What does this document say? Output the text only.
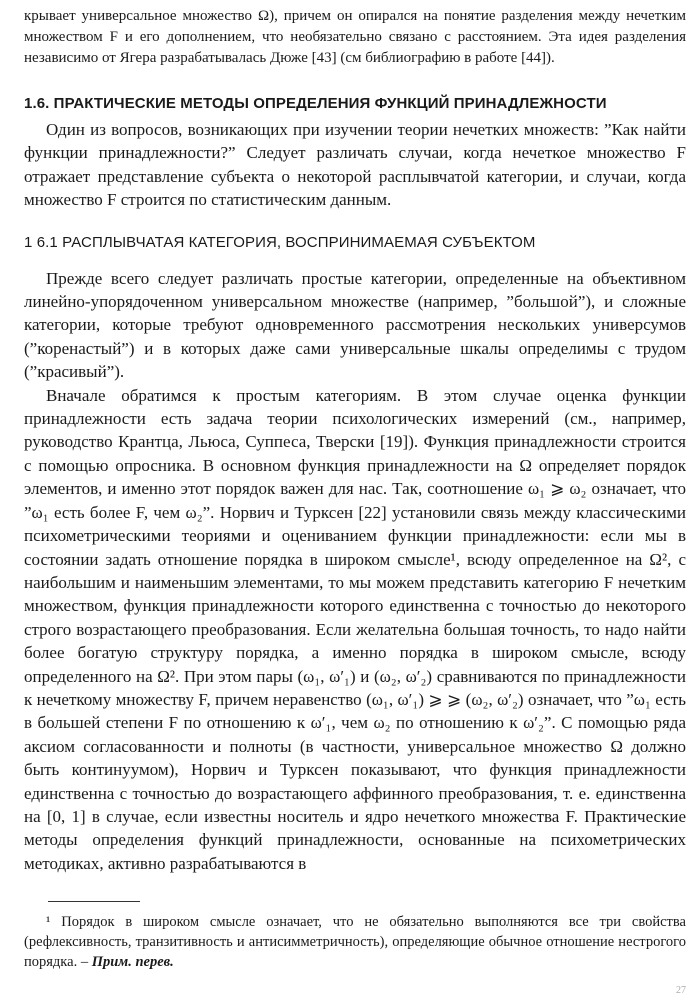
крывает универсальное множество Ω), причем он опирался на понятие разделения между нечетким множеством F и его дополнением, что необязательно связано с расстоянием. Эта идея разделения независимо от Ягера разрабатывалась Дюже [43] (см библиографию в работе [44]).

1.6. ПРАКТИЧЕСКИЕ МЕТОДЫ ОПРЕДЕЛЕНИЯ ФУНКЦИЙ ПРИНАДЛЕЖНОСТИ

Один из вопросов, возникающих при изучении теории нечетких множеств: ”Как найти функции принадлежности?” Следует различать случаи, когда нечеткое множество F отражает представление субъекта о некоторой расплывчатой категории, и случаи, когда множество F строится по статистическим данным.

1 6.1 РАСПЛЫВЧАТАЯ КАТЕГОРИЯ, ВОСПРИНИМАЕМАЯ СУБЪЕКТОМ

Прежде всего следует различать простые категории, определенные на объективном линейно-упорядоченном универсальном множестве (например, ”большой”), и сложные категории, которые требуют одновременного рассмотрения нескольких универсумов (”коренастый”) и в которых даже сами универсальные шкалы определимы с трудом (”красивый”).

Вначале обратимся к простым категориям. В этом случае оценка функции принадлежности есть задача теории психологических измерений (см., например, руководство Крантца, Льюса, Суппеса, Тверски [19]). Функция принадлежности строится с помощью опросника. В основном функция принадлежности на Ω определяет порядок элементов, и именно этот порядок важен для нас. Так, соотношение ω₁ ⩾ ω₂ означает, что ”ω₁ есть более F, чем ω₂”. Норвич и Турксен [22] установили связь между классическими психометрическими теориями и оцениванием функции принадлежности: если мы в состоянии задать отношение порядка в широком смысле¹, всюду определенное на Ω², с наибольшим и наименьшим элементами, то мы можем представить категорию F нечетким множеством, функция принадлежности которого единственна с точностью до некоторого строго возрастающего преобразования. Если желательна большая точность, то надо найти более богатую структуру порядка, а именно порядка в широком смысле, всюду определенного на Ω². При этом пары (ω₁, ω′₁) и (ω₂, ω′₂) сравниваются по принадлежности к нечеткому множеству F, причем неравенство (ω₁, ω′₁) ⩾ ⩾ (ω₂, ω′₂) означает, что ”ω₁ есть в большей степени F по отношению к ω′₁, чем ω₂ по отношению к ω′₂”. С помощью ряда аксиом согласованности и полноты (в частности, универсальное множество Ω должно быть континуумом), Норвич и Турксен показывают, что функция принадлежности единственна с точностью до возрастающего аффинного преобразования, т. е. единственна на [0, 1] в случае, если известны носитель и ядро нечеткого множества F. Практические методы определения функций принадлежности, основанные на психометрических методиках, активно разрабатываются в

¹ Порядок в широком смысле означает, что не обязательно выполняются все три свойства (рефлексивность, транзитивность и антисимметричность), определяющие обычное отношение нестрогого порядка. – Прим. перев.

27
